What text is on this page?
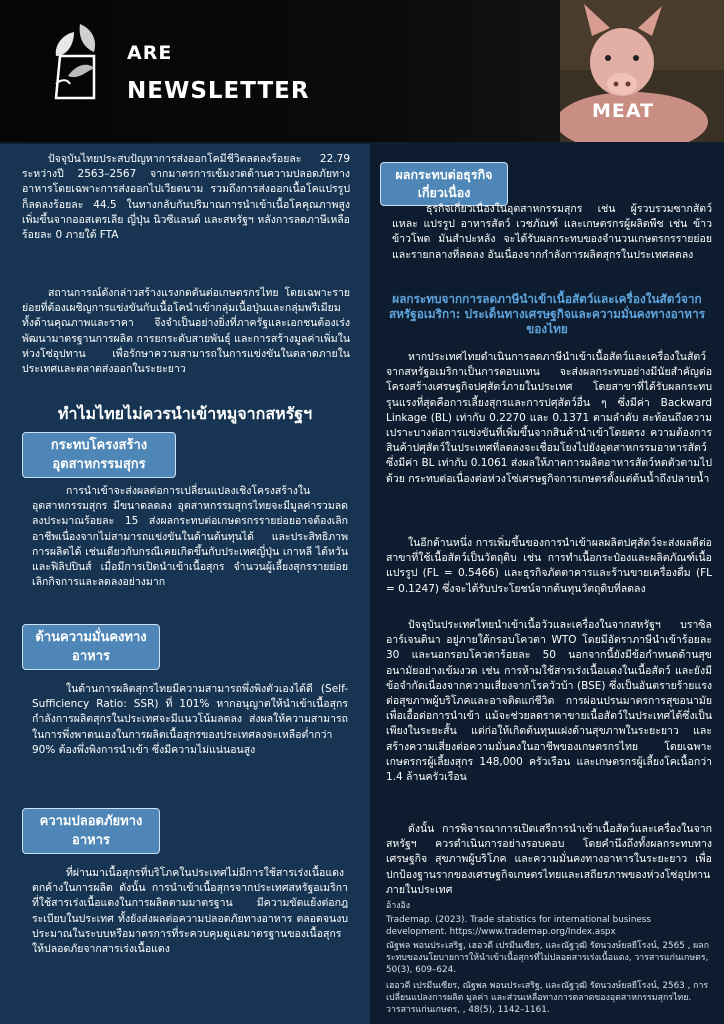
ARE
NEWSLETTER
MEAT

ปัจจุบันไทยประสบปัญหาการส่งออกโคมีชีวิตลดลงร้อยละ 22.79 ระหว่างปี 2563–2567 จากมาตรการเข้มงวดด้านความปลอดภัยทางอาหารโดยเฉพาะการส่งออกไปเวียดนาม รวมถึงการส่งออกเนื้อโคแปรรูปก็ลดลงร้อยละ 44.5 ในทางกลับกันปริมาณการนำเข้าเนื้อโคคุณภาพสูงเพิ่มขึ้นจากออสเตรเลีย ญี่ปุ่น นิวซีแลนด์ และสหรัฐฯ หลังการลดภาษีเหลือร้อยละ 0 ภายใต้ FTA

สถานการณ์ดังกล่าวสร้างแรงกดดันต่อเกษตรกรไทย โดยเฉพาะรายย่อยที่ต้องเผชิญการแข่งขันกับเนื้อโคนำเข้ากลุ่มเนื้อปุ่นและกลุ่มพรีเมียม ทั้งด้านคุณภาพและราคา จึงจำเป็นอย่างยิ่งที่ภาครัฐและเอกชนต้องเร่งพัฒนามาตรฐานการผลิต การยกระดับสายพันธุ์ และการสร้างมูลค่าเพิ่มในห่วงโซ่อุปทาน เพื่อรักษาความสามารถในการแข่งขันในตลาดภายในประเทศและตลาดส่งออกในระยะยาว

ทำไมไทยไม่ควรนำเข้าหมูจากสหรัฐฯ
กระทบโครงสร้างอุตสาหกรรมสุกร

การนำเข้าจะส่งผลต่อการเปลี่ยนแปลงเชิงโครงสร้างในอุตสาหกรรมสุกร มีขนาดลดลง อุตสาหกรรมสุกรไทยจะมีมูลค่ารวมลดลงประมาณร้อยละ 15 ส่งผลกระทบต่อเกษตรกรรายย่อยอาจต้องเลิกอาชีพเนื่องจากไม่สามารถแข่งขันในด้านต้นทุนได้ และประสิทธิภาพการผลิตได้ เช่นเดียวกับกรณีเคยเกิดขึ้นกับประเทศญี่ปุ่น เกาหลี ไต้หวัน และฟิลิปปินส์ เมื่อมีการเปิดนำเข้าเนื้อสุกร จำนวนผู้เลี้ยงสุกรรายย่อยเลิกกิจการและลดลงอย่างมาก

ด้านความมั่นคงทางอาหาร

ในด้านการผลิตสุกรไทยมีความสามารถพึ่งพิงตัวเองได้ดี (Self-Sufficiency Ratio: SSR) ที่ 101% หากอนุญาตให้นำเข้าเนื้อสุกรกำลังการผลิตสุกรในประเทศจะมีแนวโน้มลดลง ส่งผลให้ความสามารถในการพึ่งพาตนเองในการผลิตเนื้อสุกรของประเทศลงจะเหลือต่ำกว่า 90% ต้องพึ่งพิงการนำเข้า ซึ่งมีความไม่แน่นอนสูง

ความปลอดภัยทางอาหาร

ที่ผ่านมาเนื้อสุกรที่บริโภคในประเทศไม่มีการใช้สารเร่งเนื้อแดงตกค้างในการผลิต ดังนั้น การนำเข้าเนื้อสุกรจากประเทศสหรัฐอเมริกาที่ใช้สารเร่งเนื้อแดงในการผลิตตามมาตรฐาน มีความขัดแย้งต่อกฎระเบียบในประเทศ ทั้งยังส่งผลต่อความปลอดภัยทางอาหาร ตลอดจนงบประมาณในระบบหรือมาตรการที่ระควบคุมดูแลมาตรฐานของเนื้อสุกรให้ปลอดภัยจากสารเร่งเนื้อแดง

ผลกระทบต่อธุรกิจเกี่ยวเนื่อง

ธุรกิจเกี่ยวเนื่องในอุตสาหกรรมสุกร เช่น ผู้รวบรวมซากสัตว์แหละ แปรรูป อาหารสัตว์ เวชภัณฑ์ และเกษตรกรผู้ผลิตพืช เช่น ข้าว ข้าวโพด มันสำปะหลัง จะได้รับผลกระทบของจำนวนเกษตรกรรายย่อยและรายกลางที่ลดลง อันเนื่องจากกำลังการผลิตสุกรในประเทศลดลง

ผลกระทบจากการลดภาษีนำเข้าเนื้อสัตว์และเครื่องในสัตว์จากสหรัฐอเมริกา: ประเด็นทางเศรษฐกิจและความมั่นคงทางอาหารของไทย

หากประเทศไทยดำเนินการลดภาษีนำเข้าเนื้อสัตว์และเครื่องในสัตว์จากสหรัฐอเมริกาเป็นการตอบแทน จะส่งผลกระทบอย่างมีนัยสำคัญต่อโครงสร้างเศรษฐกิจปศุสัตว์ภายในประเทศ โดยสาขาที่ได้รับผลกระทบรุนแรงที่สุดคือการเลี้ยงสุกรและการปศุสัตว์อื่น ๆ ซึ่งมีค่า Backward Linkage (BL) เท่ากับ 0.2270 และ 0.1371 ตามลำดับ สะท้อนถึงความเปราะบางต่อการแข่งขันที่เพิ่มขึ้นจากสินค้านำเข้าโดยตรง ความต้องการสินค้าปศุสัตว์ในประเทศที่ลดลงจะเชื่อมโยงไปยังอุตสาหกรรมอาหารสัตว์ ซึ่งมีค่า BL เท่ากับ 0.1061 ส่งผลให้ภาคการผลิตอาหารสัตว์หดตัวตามไปด้วย กระทบต่อเนื่องต่อห่วงโซ่เศรษฐกิจการเกษตรตั้งแต่ต้นน้ำถึงปลายน้ำ

ในอีกด้านหนึ่ง การเพิ่มขึ้นของการนำเข้าผลผลิตปศุสัตว์จะส่งผลดีต่อสาขาที่ใช้เนื้อสัตว์เป็นวัตถุดิบ เช่น การทำเนื้อกระป๋องและผลิตภัณฑ์เนื้อแปรรูป (FL = 0.5466) และธุรกิจภัตตาคารและร้านขายเครื่องดื่ม (FL = 0.1247) ซึ่งจะได้รับประโยชน์จากต้นทุนวัตถุดิบที่ลดลง

ปัจจุบันประเทศไทยนำเข้าเนื้อวัวและเครื่องในจากสหรัฐฯ บราซิล อาร์เจนตินา อยู่ภายใต้กรอบโควตา WTO โดยมีอัตราภาษีนำเข้าร้อยละ 30 และนอกรอบโควตาร้อยละ 50 นอกจากนี้ยังมีข้อกำหนดด้านสุขอนามัยอย่างเข้มงวด เช่น การห้ามใช้สารเร่งเนื้อแดงในเนื้อสัตว์ และยังมีข้อจำกัดเนื่องจากความเสี่ยงจากโรควัวบ้า (BSE) ซึ่งเป็นอันตรายร้ายแรงต่อสุขภาพผู้บริโภคและอาจติดแก่ชีวิต การผ่อนปรนมาตรการสุขอนามัยเพื่อเอื้อต่อการนำเข้า แม้จะช่วยลดราคาขายเนื้อสัตว์ในประเทศได้ซึ่งเป็นเพียงในระยะสั้น แต่ก่อให้เกิดต้นทุนแฝงด้านสุขภาพในระยะยาว และสร้างความเสี่ยงต่อความมั่นคงในอาชีพของเกษตรกรไทย โดยเฉพาะเกษตรกรผู้เลี้ยงสุกร 148,000 ครัวเรือน และเกษตรกรผู้เลี้ยงโคเนื้อกว่า 1.4 ล้านครัวเรือน

ดังนั้น การพิจารณาการเปิดเสรีการนำเข้าเนื้อสัตว์และเครื่องในจากสหรัฐฯ ควรดำเนินการอย่างรอบคอบ โดยคำนึงถึงทั้งผลกระทบทางเศรษฐกิจ สุขภาพผู้บริโภค และความมั่นคงทางอาหารในระยะยาว เพื่อปกป้องฐานรากของเศรษฐกิจเกษตรไทยและเสถียรภาพของห่วงโซ่อุปทานภายในประเทศ

อ้างอิง
Trademap. (2023). Trade statistics for international business development. https://www.trademap.org/Index.aspx
ณัฐพล พอนประเสริฐ, เฮอวดี เปรมีนเซียร, และณัฐวุฒิ รัตนวงษ์ยลยีโรงน์, 2565 , ผลกระทบของนโยบายการให้นำเข้าเนื้อสุกรที่ไม่ปลอดสารเร่งเนื้อแดง, วารสารแก่นเกษตร, 50(3), 609–624.
เฮอวดี เปรมีนเซียร, ณัฐพล พอนประเสริฐ, และณัฐวุฒิ รัตนวงษ์ยลยีโรงน์, 2563 , การเปลี่ยนแปลงการผลิต มูลค่า และส่วนเหลือทางการตลาดของอุตสาหกรรมสุกรไทย. วารสารแก่นเกษตร, , 48(5), 1142–1161.
